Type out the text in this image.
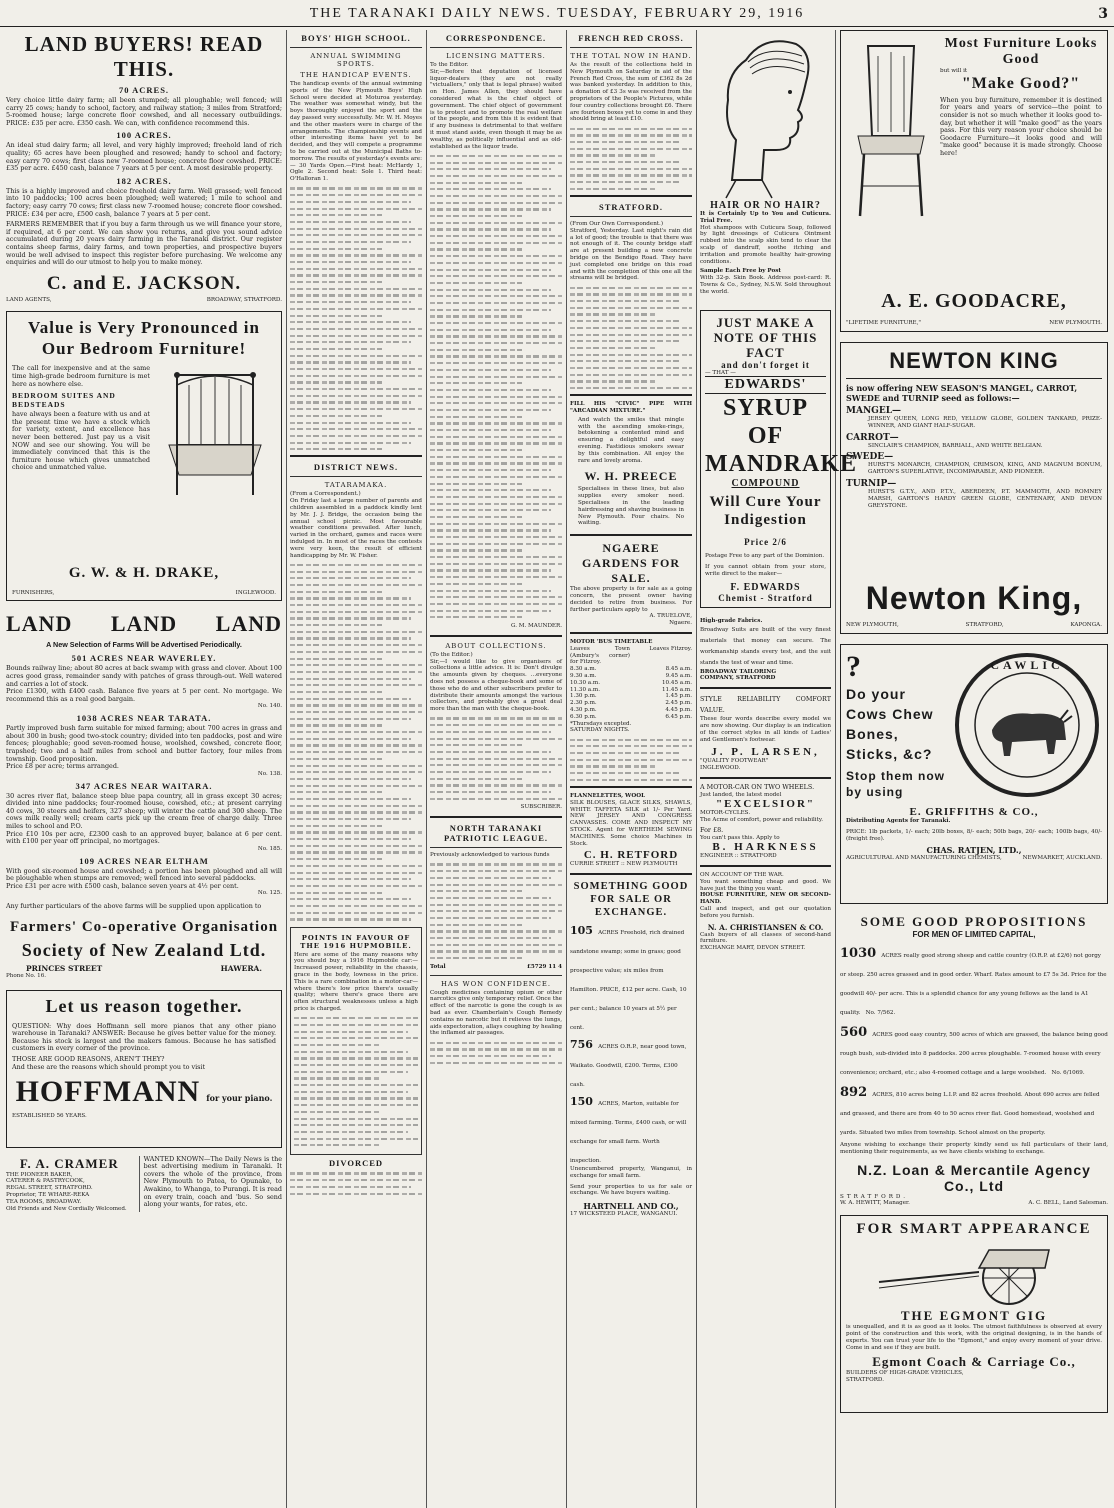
THE TARANAKI DAILY NEWS. TUESDAY, FEBRUARY 29, 1916	3
LAND BUYERS! READ THIS.
70 ACRES.
Very choice little dairy farm; all been stumped; all ploughable; well fenced; will carry 25 cows; handy to school, factory, and railway station; 3 miles from Stratford; 5-roomed house; large concrete floor cowshed, and all necessary outbuildings. PRICE: £35 per acre. £350 cash. We can, with confidence recommend this.
100 ACRES.
An ideal stud dairy farm; all level, and very highly improved; freehold land of rich quality; 65 acres have been ploughed and resowed; handy to school and factory; easy carry 70 cows; first class new 7-roomed house; concrete floor cowshed. PRICE: £35 per acre. £450 cash, balance 7 years at 5 per cent. A most desirable property.
182 ACRES.
This is a highly improved and choice freehold dairy farm. Well grassed; well fenced into 10 paddocks; 100 acres been ploughed; well watered; 1 mile to school and factory; easy carry 70 cows; first class new 7-roomed house; concrete floor cowshed. PRICE: £34 per acre, £500 cash, balance 7 years at 5 per cent.
FARMERS REMEMBER that if you buy a farm through us we will finance your store, if required, at 6 per cent. We can show you returns, and give you sound advice accumulated during 20 years dairy farming in the Taranaki district. Our register contains sheep farms, dairy farms, and town properties, and prospective buyers would be well advised to inspect this register before purchasing. We welcome any enquiries and will do our utmost to help you to make money.
C. and E. JACKSON.
LAND AGENTS,	BROADWAY, STRATFORD.
Value is Very Pronounced in Our Bedroom Furniture!
The call for inexpensive and at the same time high-grade bedroom furniture is met here as nowhere else.
BEDROOM SUITES AND BEDSTEADS
have always been a feature with us and at the present time we have a stock which for variety, extent, and excellence has never been bettered. Just pay us a visit NOW and see our showing. You will be immediately convinced that this is the furniture house which gives unmatched choice and unmatched value.
G. W. & H. DRAKE,
FURNISHERS,	INGLEWOOD.
LAND LAND LAND
A New Selection of Farms Will be Advertised Periodically.
501 ACRES NEAR WAVERLEY.
Bounds railway line; about 80 acres at back swamp with grass and clover. About 100 acres good grass, remainder sandy with patches of grass through-out. Well watered and carries a lot of stock.
Price £1300, with £400 cash. Balance five years at 5 per cent. No mortgage. We recommend this as a real good bargain.
No. 140.
1038 ACRES NEAR TARATA.
Partly improved bush farm suitable for mixed farming; about 700 acres in grass and about 300 in bush; good two-stock country; divided into ten paddocks, post and wire fences; ploughable; good seven-roomed house, woolshed, cowshed, concrete floor, trapshed; two and a half miles from school and butter factory, four miles from township. Good proposition.
Price £8 per acre; terms arranged.
No. 138.
347 ACRES NEAR WAITARA.
30 acres river flat, balance steep blue papa country, all in grass except 30 acres; divided into nine paddocks; four-roomed house, cowshed, etc.; at present carrying 40 cows, 30 steers and heifers, 327 sheep; will winter the cattle and 300 sheep. The cows milk really well; cream carts pick up the cream free of charge daily. Three miles to school and P.O.
Price £10 10s per acre, £2300 cash to an approved buyer, balance at 6 per cent. with £100 per year off principal, no mortgages.
No. 185.
109 ACRES NEAR ELTHAM
With good six-roomed house and cowshed; a portion has been ploughed and all will be ploughable when stumps are removed; well fenced into several paddocks.
Price £31 per acre with £500 cash, balance seven years at 4½ per cent.
No. 125.
Any further particulars of the above farms will be supplied upon application to
Farmers' Co-operative Organisation
Society of New Zealand Ltd.
PRINCES STREET	HAWERA.
Phone No. 16.
Let us reason together.
QUESTION: Why does Hoffmann sell more pianos that any other piano warehouse in Taranaki? ANSWER: Because he gives better value for the money. Because his stock is largest and the makers famous. Because he has satisfied customers in every corner of the province.
THOSE ARE GOOD REASONS, AREN'T THEY?
And these are the reasons which should prompt you to visit
HOFFMANN for your piano.
ESTABLISHED 56 YEARS.
F. A. CRAMER
THE PIONEER BAKER,
CATERER & PASTRYCOOK,
REGAL STREET, STRATFORD.
Proprietor, TE WHARE-REKA
TEA ROOMS, BROADWAY.
Old Friends and New Cordially Welcomed.
WANTED KNOWN—The Daily News is the best advertising medium in Taranaki. It covers the whole of the province, from New Plymouth to Patea, to Opunake, to Awakino, to Whanga, to Purangi. It is read on every train, coach and 'bus. So send along your wants, for rates, etc.
BOYS' HIGH SCHOOL.
ANNUAL SWIMMING SPORTS.
THE HANDICAP EVENTS.
The handicap events of the annual swimming sports of the New Plymouth Boys' High School were decided at Moturoa yesterday. The weather was somewhat windy, but the boys thoroughly enjoyed the sport and the day passed very successfully. Mr. W. H. Moyes and the other masters were in charge of the arrangements. The championship events and other interesting items have yet to be decided, and they will compete a programme to be carried out at the Municipal Baths to-morrow. The results of yesterday's events are:— 30 Yards Open.—First heat: McHardy 1, Ogle 2. Second heat: Sole 1. Third heat: O'Halloran 1.
DISTRICT NEWS.
TATARAMAKA.
(From a Correspondent.)
On Friday last a large number of parents and children assembled in a paddock kindly lent by Mr. J. J. Bridge, the occasion being the annual school picnic. Most favourable weather conditions prevailed. After lunch, varied in the orchard, games and races were indulged in. In most of the races the contests were very keen, the result of efficient handicapping by Mr. W. Fisher.
POINTS IN FAVOUR OF THE 1916 HUPMOBILE.
Here are some of the many reasons why you should buy a 1916 Hupmobile car:—Increased power, reliability in the chassis, grace in the body, lowness in the price. This is a rare combination in a motor-car—where there's low price there's usually quality; where there's grace there are often structural weaknesses unless a high price is charged.
DIVORCED
CORRESPONDENCE.
LICENSING MATTERS.
To the Editor.
Sir,—Before that deputation of licensed liquor-dealers (they are not really "victuallers," only that is legal phrase) waited on Hon. James Allen, they should have considered what is the chief object of government. The chief object of government is to protect and to promote the real welfare of the people, and from this it is evident that if any business is detrimental to that welfare it must stand aside, even though it may be as wealthy, as politically influential and as old-established as the liquor trade.
G. M. MAUNDER.
ABOUT COLLECTIONS.
(To the Editor.)
Sir,—I would like to give organisers of collections a little advice. It is: Don't divulge the amounts given by cheques. ...everyone does not possess a cheque-book and some of those who do and other subscribers prefer to distribute their amounts amongst the various collectors, and probably give a great deal more than the man with the cheque-book.
SUBSCRIBER.
NORTH TARANAKI PATRIOTIC LEAGUE.
Previously acknowledged to various funds
Total	£5729 11 4
HAS WON CONFIDENCE.
Cough medicines containing opium or other narcotics give only temporary relief. Once the effect of the narcotic is gone the cough is as bad as ever. Chamberlain's Cough Remedy contains no narcotic but it relieves the lungs, aids expectoration, allays coughing by healing the inflamed air passages.
FRENCH RED CROSS.
THE TOTAL NOW IN HAND.
As the result of the collections held in New Plymouth on Saturday in aid of the French Red Cross, the sum of £362 8s 2d was banked yesterday. In addition to this, a donation of £3 3s was received from the proprietors of the People's Pictures, while four country collections brought £6. There are fourteen boxes yet to come in and they should bring at least £10.
STRATFORD.
(From Our Own Correspondent.)
Stratford, Yesterday. Last night's rain did a lot of good; the trouble is that there was not enough of it. The county bridge staff are at present building a new concrete bridge on the Bendigo Road. They have just completed one bridge on this road and with the completion of this one all the streams will be bridged.
FILL HIS "CIVIC" PIPE WITH "ARCADIAN MIXTURE."
And watch the smiles that mingle with the ascending smoke-rings, betokening a contented mind and ensuring a delightful and easy evening. Fastidious smokers swear by this combination. All enjoy the rare and lovely aroma.
W. H. PREECE
Specialises in these lines, but also supplies every smoker need. Specialises in the leading hairdressing and shaving business in New Plymouth. Four chairs. No waiting.
NGAERE GARDENS FOR SALE.
The above property is for sale as a going concern, the present owner having decided to retire from business. For further particulars apply to
A. TRUELOVE,
Ngaere.
MOTOR 'BUS TIMETABLE
Leaves Town (Ambury's corner) for Fitzroy.
Leaves Fitzroy.
8.30 a.m.	8.45 a.m.
9.30 a.m.	9.45 a.m.
10.30 a.m.	10.45 a.m.
11.30 a.m.	11.45 a.m.
1.30 p.m.	1.45 p.m.
2.30 p.m.	2.45 p.m.
4.30 p.m.	4.45 p.m.
6.30 p.m.	6.45 p.m.
*Thursdays excepted.
SATURDAY NIGHTS.
FLANNELETTES, WOOL
SILK BLOUSES, GLACE SILKS, SHAWLS, WHITE TAFFETA SILK at 1/- Per Yard. NEW JERSEY AND CONGRESS CANVASSES. COME AND INSPECT MY STOCK. Agent for WERTHEIM SEWING MACHINES. Some choice Machines in Stock.
C. H. RETFORD
CURRIE STREET :: NEW PLYMOUTH
SOMETHING GOOD FOR SALE OR EXCHANGE.
105 ACRES Freehold, rich drained sandstone swamp; some in grass; good prospective value; six miles from Hamilton. PRICE, £12 per acre. Cash, 10 per cent.; balance 10 years at 5½ per cent.
756 ACRES O.R.P., near good town, Waikato. Goodwill, £200. Terms, £300 cash.
150 ACRES, Marton, suitable for mixed farming. Terms, £400 cash, or will exchange for small farm. Worth inspection.
Unencumbered property, Wanganui, in exchange for small farm.
Send your properties to us for sale or exchange. We have buyers waiting.
HARTNELL AND CO.,
17 WICKSTEED PLACE, WANGANUI.
HAIR OR NO HAIR?
It is Certainly Up to You and Cuticura. Trial Free.
Hot shampoos with Cuticura Soap, followed by light dressings of Cuticura Ointment rubbed into the scalp skin tend to clear the scalp of dandruff, soothe itching and irritation and promote healthy hair-growing conditions.
Sample Each Free by Post
With 32-p. Skin Book. Address post-card: R. Towns & Co., Sydney, N.S.W. Sold throughout the world.
JUST MAKE A NOTE OF THIS FACT
and don't forget it
— THAT —
EDWARDS'
SYRUP OF
MANDRAKE
COMPOUND
Will Cure Your Indigestion
Price 2/6
Postage Free to any part of the Dominion.
If you cannot obtain from your store, write direct to the maker—
F. EDWARDS
Chemist - Stratford
High-grade Fabrics.
Broadway Suits are built of the very finest materials that money can secure. The workmanship stands every test, and the suit stands the test of wear and time.
BROADWAY TAILORING
COMPANY, STRATFORD
STYLE RELIABILITY COMFORT VALUE.
These four words describe every model we are now showing. Our display is an indication of the correct styles in all kinds of Ladies' and Gentlemen's footwear.
J. P. LARSEN,
"QUALITY FOOTWEAR"
INGLEWOOD.
A MOTOR-CAR ON TWO WHEELS.
Just landed, the latest model
"EXCELSIOR"
MOTOR-CYCLES.
The Acme of comfort, power and reliability.
For £8.
You can't pass this. Apply to
B. HARKNESS
ENGINEER :: STRATFORD
ON ACCOUNT OF THE WAR.
You want something cheap and good. We have just the thing you want.
HOUSE FURNITURE, NEW OR SECOND-HAND.
Call and inspect, and get our quotation before you furnish.
N. A. CHRISTIANSEN & CO.
Cash buyers of all classes of second-hand furniture.
EXCHANGE MART, DEVON STREET.
Most Furniture Looks Good
but will it
"Make Good?"
When you buy furniture, remember it is destined for years and years of service—the point to consider is not so much whether it looks good to-day, but whether it will "make good" as the years pass. For this very reason your choice should be Goodacre Furniture—it looks good and will "make good" because it is made strongly. Choose here!
A. E. GOODACRE,
"LIFETIME FURNITURE,"	NEW PLYMOUTH.
NEWTON KING
is now offering NEW SEASON'S MANGEL, CARROT, SWEDE and TURNIP seed as follows:—
MANGEL—
JERSEY QUEEN, LONG RED, YELLOW GLOBE, GOLDEN TANKARD, PRIZE-WINNER, AND GIANT HALF-SUGAR.
CARROT—
SINCLAIR'S CHAMPION, BARRIALL, AND WHITE BELGIAN.
SWEDE—
HURST'S MONARCH, CHAMPION, CRIMSON, KING, AND MAGNUM BONUM, GARTON'S SUPERLATIVE, INCOMPARABLE, AND PIONEER.
TURNIP—
HURST'S G.T.Y., AND P.T.Y., ABERDEEN, P.T. MAMMOTH, AND ROMNEY MARSH, GARTON'S HARDY GREEN GLOBE, CENTENARY, AND DEVON GREYSTONE.
Newton King,
NEW PLYMOUTH,	STRATFORD,	KAPONGA.
?
Do your Cows Chew Bones, Sticks, &c?
Stop them now by using
CAWLIC
E. GRIFFITHS & CO.,
Distributing Agents for Taranaki.
PRICE: 1lb packets, 1/- each; 20lb boxes, 8/- each; 50lb bags, 20/- each; 100lb bags, 40/- (freight free).
CHAS. RATJEN, LTD.,
AGRICULTURAL AND MANUFACTURING CHEMISTS,	NEWMARKET, AUCKLAND.
SOME GOOD PROPOSITIONS
FOR MEN OF LIMITED CAPITAL,
1030 ACRES really good strong sheep and cattle country (O.R.P. at £2/6) not gorgy or steep. 250 acres grassed and in good order. Wharf. Rates amount to £7 5s 3d. Price for the goodwill 40/- per acre. This is a splendid chance for any young fellows as the land is A1 quality. No. 7/562.
560 ACRES good easy country, 500 acres of which are grassed, the balance being good rough bush, sub-divided into 8 paddocks. 200 acres ploughable. 7-roomed house with every convenience; orchard, etc.; also 4-roomed cottage and a large woolshed. No. 6/1069.
892 ACRES, 810 acres being L.I.P. and 82 acres freehold. About 690 acres are felled and grassed, and there are from 40 to 50 acres river flat. Good homestead, woolshed and yards. Situated two miles from township. School almost on the property.
Anyone wishing to exchange their property kindly send us full particulars of their land, mentioning their requirements, as we have clients wishing to exchange.
N.Z. Loan & Mercantile Agency Co., Ltd
STRATFORD.
W. A. HEWITT, Manager.	A. C. BELL, Land Salesman.
FOR SMART APPEARANCE
THE EGMONT GIG
is unequalled, and it is as good as it looks. The utmost faithfulness is observed at every point of the construction and this work, with the original designing, is in the hands of experts. You can trust your life to the "Egmont," and enjoy every moment of your drive. Come in and see if they are built.
Egmont Coach & Carriage Co.,
BUILDERS OF HIGH-GRADE VEHICLES,
STRATFORD.
